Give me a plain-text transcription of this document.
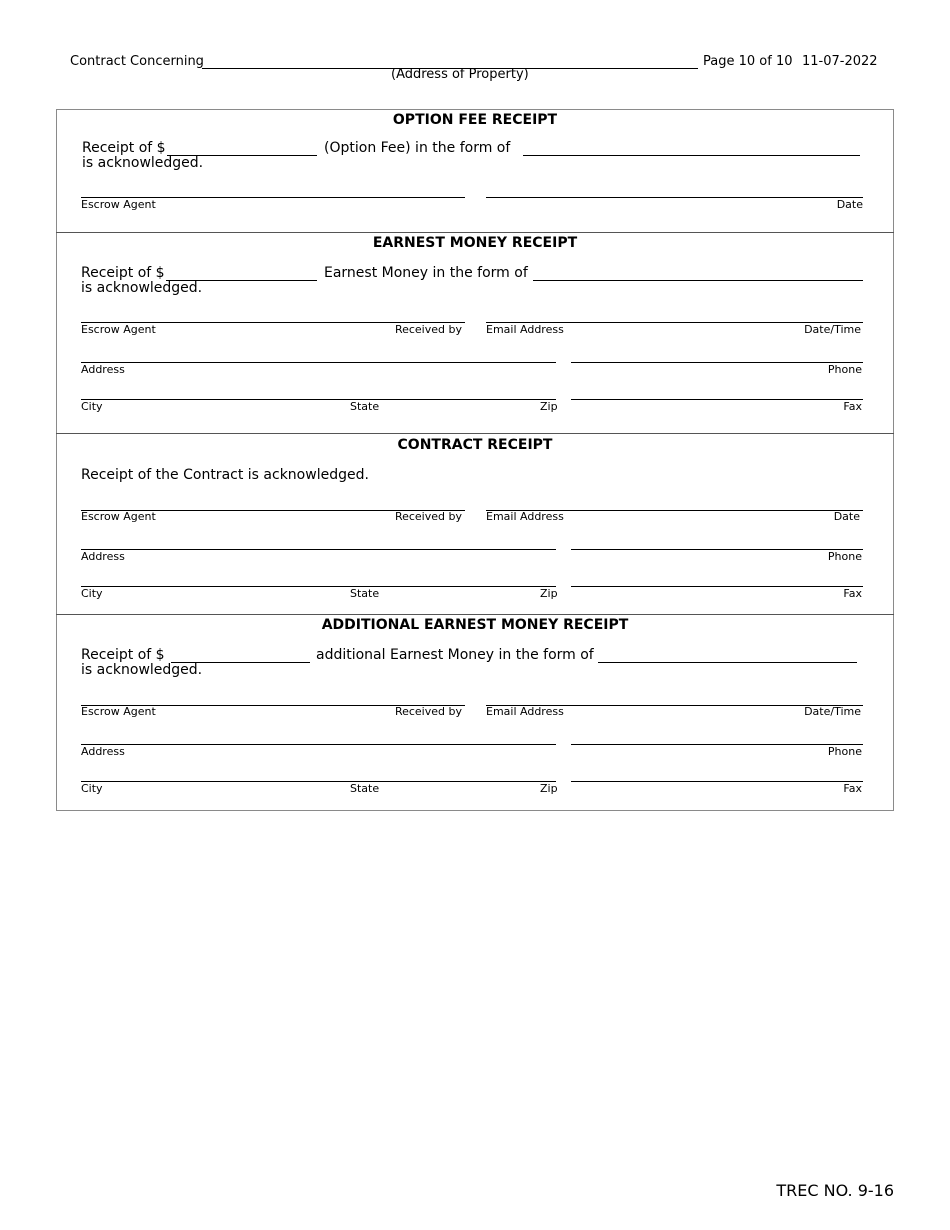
Contract Concerning
(Address of Property)
Page 10 of 10 11-07-2022
OPTION FEE RECEIPT
Receipt of $	(Option Fee) in the form of
is acknowledged.
Escrow Agent	Date
EARNEST MONEY RECEIPT
Receipt of $	Earnest Money in the form of
is acknowledged.
Escrow Agent	Received by Email Address	Date/Time
Address	Phone
City	State	Zip	Fax
CONTRACT RECEIPT
Receipt of the Contract is acknowledged.
Escrow Agent	Received by Email Address	Date
Address	Phone
City	State	Zip	Fax
ADDITIONAL EARNEST MONEY RECEIPT
Receipt of $	additional Earnest Money in the form of
is acknowledged.
Escrow Agent	Received by Email Address	Date/Time
Address	Phone
City	State	Zip	Fax
TREC NO. 9-16
